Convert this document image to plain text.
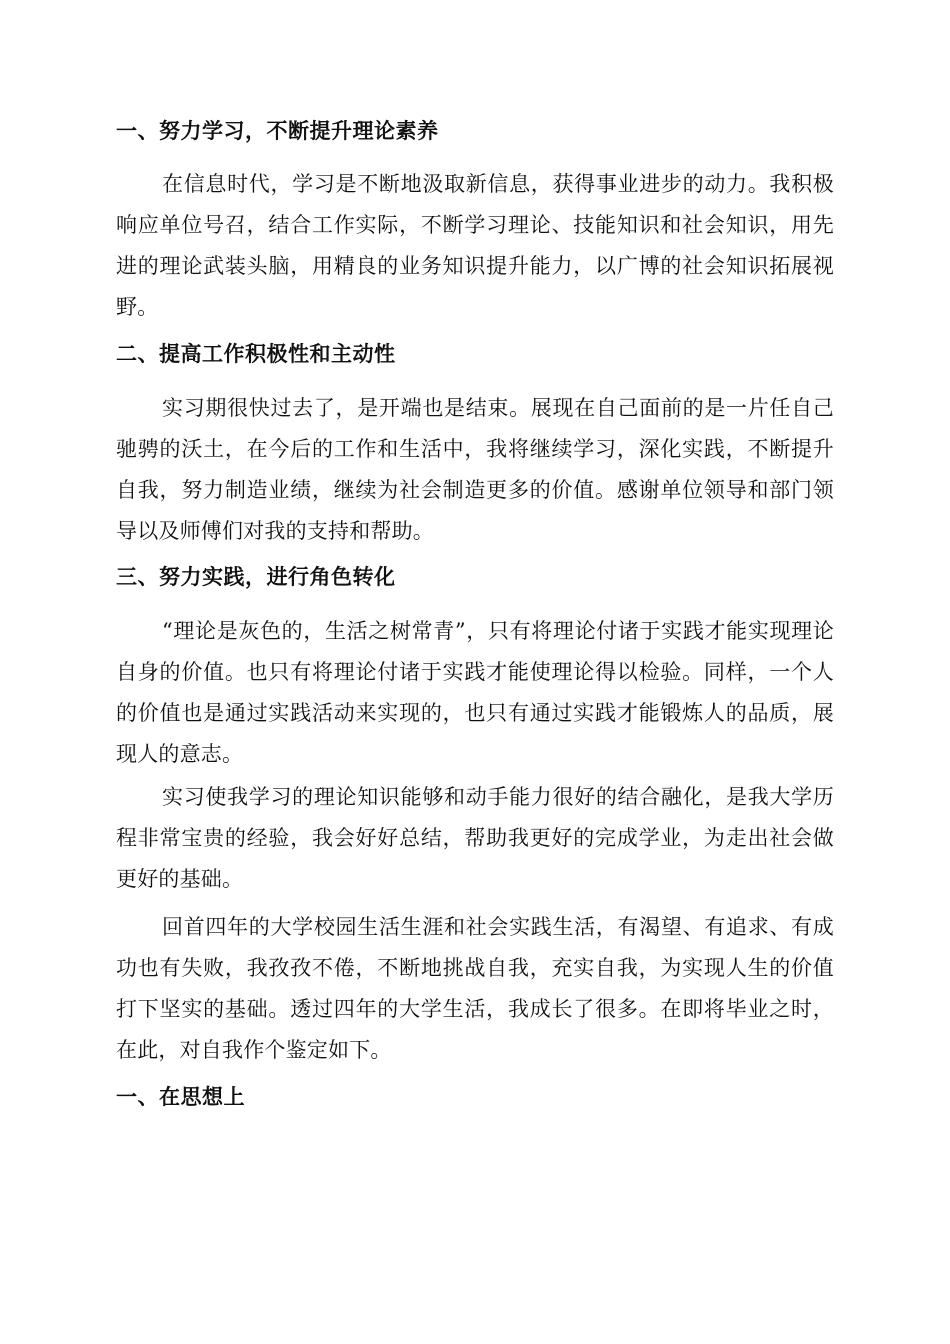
一、努力学习，不断提升理论素养
在信息时代，学习是不断地汲取新信息，获得事业进步的动力。我积极响应单位号召，结合工作实际，不断学习理论、技能知识和社会知识，用先进的理论武装头脑，用精良的业务知识提升能力，以广博的社会知识拓展视野。
二、提高工作积极性和主动性
实习期很快过去了，是开端也是结束。展现在自己面前的是一片任自己驰骋的沃土，在今后的工作和生活中，我将继续学习，深化实践，不断提升自我，努力制造业绩，继续为社会制造更多的价值。感谢单位领导和部门领导以及师傅们对我的支持和帮助。
三、努力实践，进行角色转化
“理论是灰色的，生活之树常青”，只有将理论付诸于实践才能实现理论自身的价值。也只有将理论付诸于实践才能使理论得以检验。同样，一个人的价值也是通过实践活动来实现的，也只有通过实践才能锻炼人的品质，展现人的意志。
实习使我学习的理论知识能够和动手能力很好的结合融化，是我大学历程非常宝贵的经验，我会好好总结，帮助我更好的完成学业，为走出社会做更好的基础。
回首四年的大学校园生活生涯和社会实践生活，有渴望、有追求、有成功也有失败，我孜孜不倦，不断地挑战自我，充实自我，为实现人生的价值打下坚实的基础。透过四年的大学生活，我成长了很多。在即将毕业之时，在此，对自我作个鉴定如下。
一、在思想上
